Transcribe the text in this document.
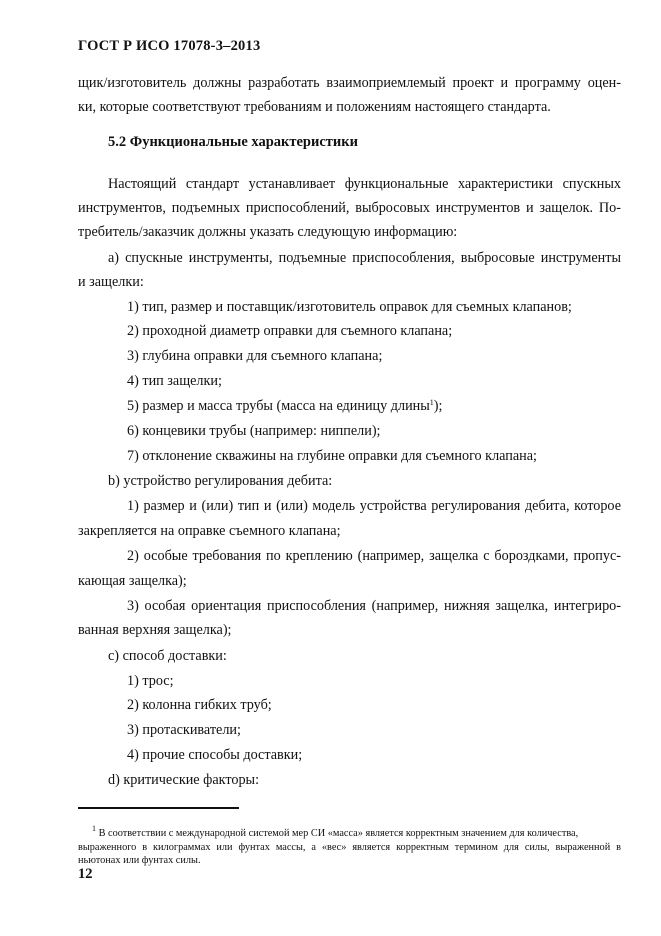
ГОСТ Р ИСО 17078-3–2013
щик/изготовитель должны разработать взаимоприемлемый проект и программу оцен-
ки, которые соответствуют требованиям и положениям настоящего стандарта.
5.2 Функциональные характеристики
Настоящий стандарт устанавливает функциональные характеристики спускных
инструментов, подъемных приспособлений, выбросовых инструментов и защелок. По-
требитель/заказчик должны указать следующую информацию:
а) спускные инструменты, подъемные приспособления, выбросовые инструменты
и защелки:
1) тип, размер и поставщик/изготовитель оправок для съемных клапанов;
2) проходной диаметр оправки для съемного клапана;
3) глубина оправки для съемного клапана;
4) тип защелки;
5) размер и масса трубы (масса на единицу длины$^1$);
6) концевики трубы (например: ниппели);
7) отклонение скважины на глубине оправки для съемного клапана;
b) устройство регулирования дебита:
1) размер и (или) тип и (или) модель устройства регулирования дебита, которое
закрепляется на оправке съемного клапана;
2) особые требования по креплению (например, защелка с бороздками, пропус-
кающая защелка);
3) особая ориентация приспособления (например, нижняя защелка, интегриро-
ванная верхняя защелка);
с) способ доставки:
1) трос;
2) колонна гибких труб;
3) протаскиватели;
4) прочие способы доставки;
d) критические факторы:
$^1$ В соответствии с международной системой мер СИ «масса» является корректным значением для количества,
выраженного в килограммах или фунтах массы, а «вес» является корректным термином для силы, выраженной в
ньютонах или фунтах силы.
12
